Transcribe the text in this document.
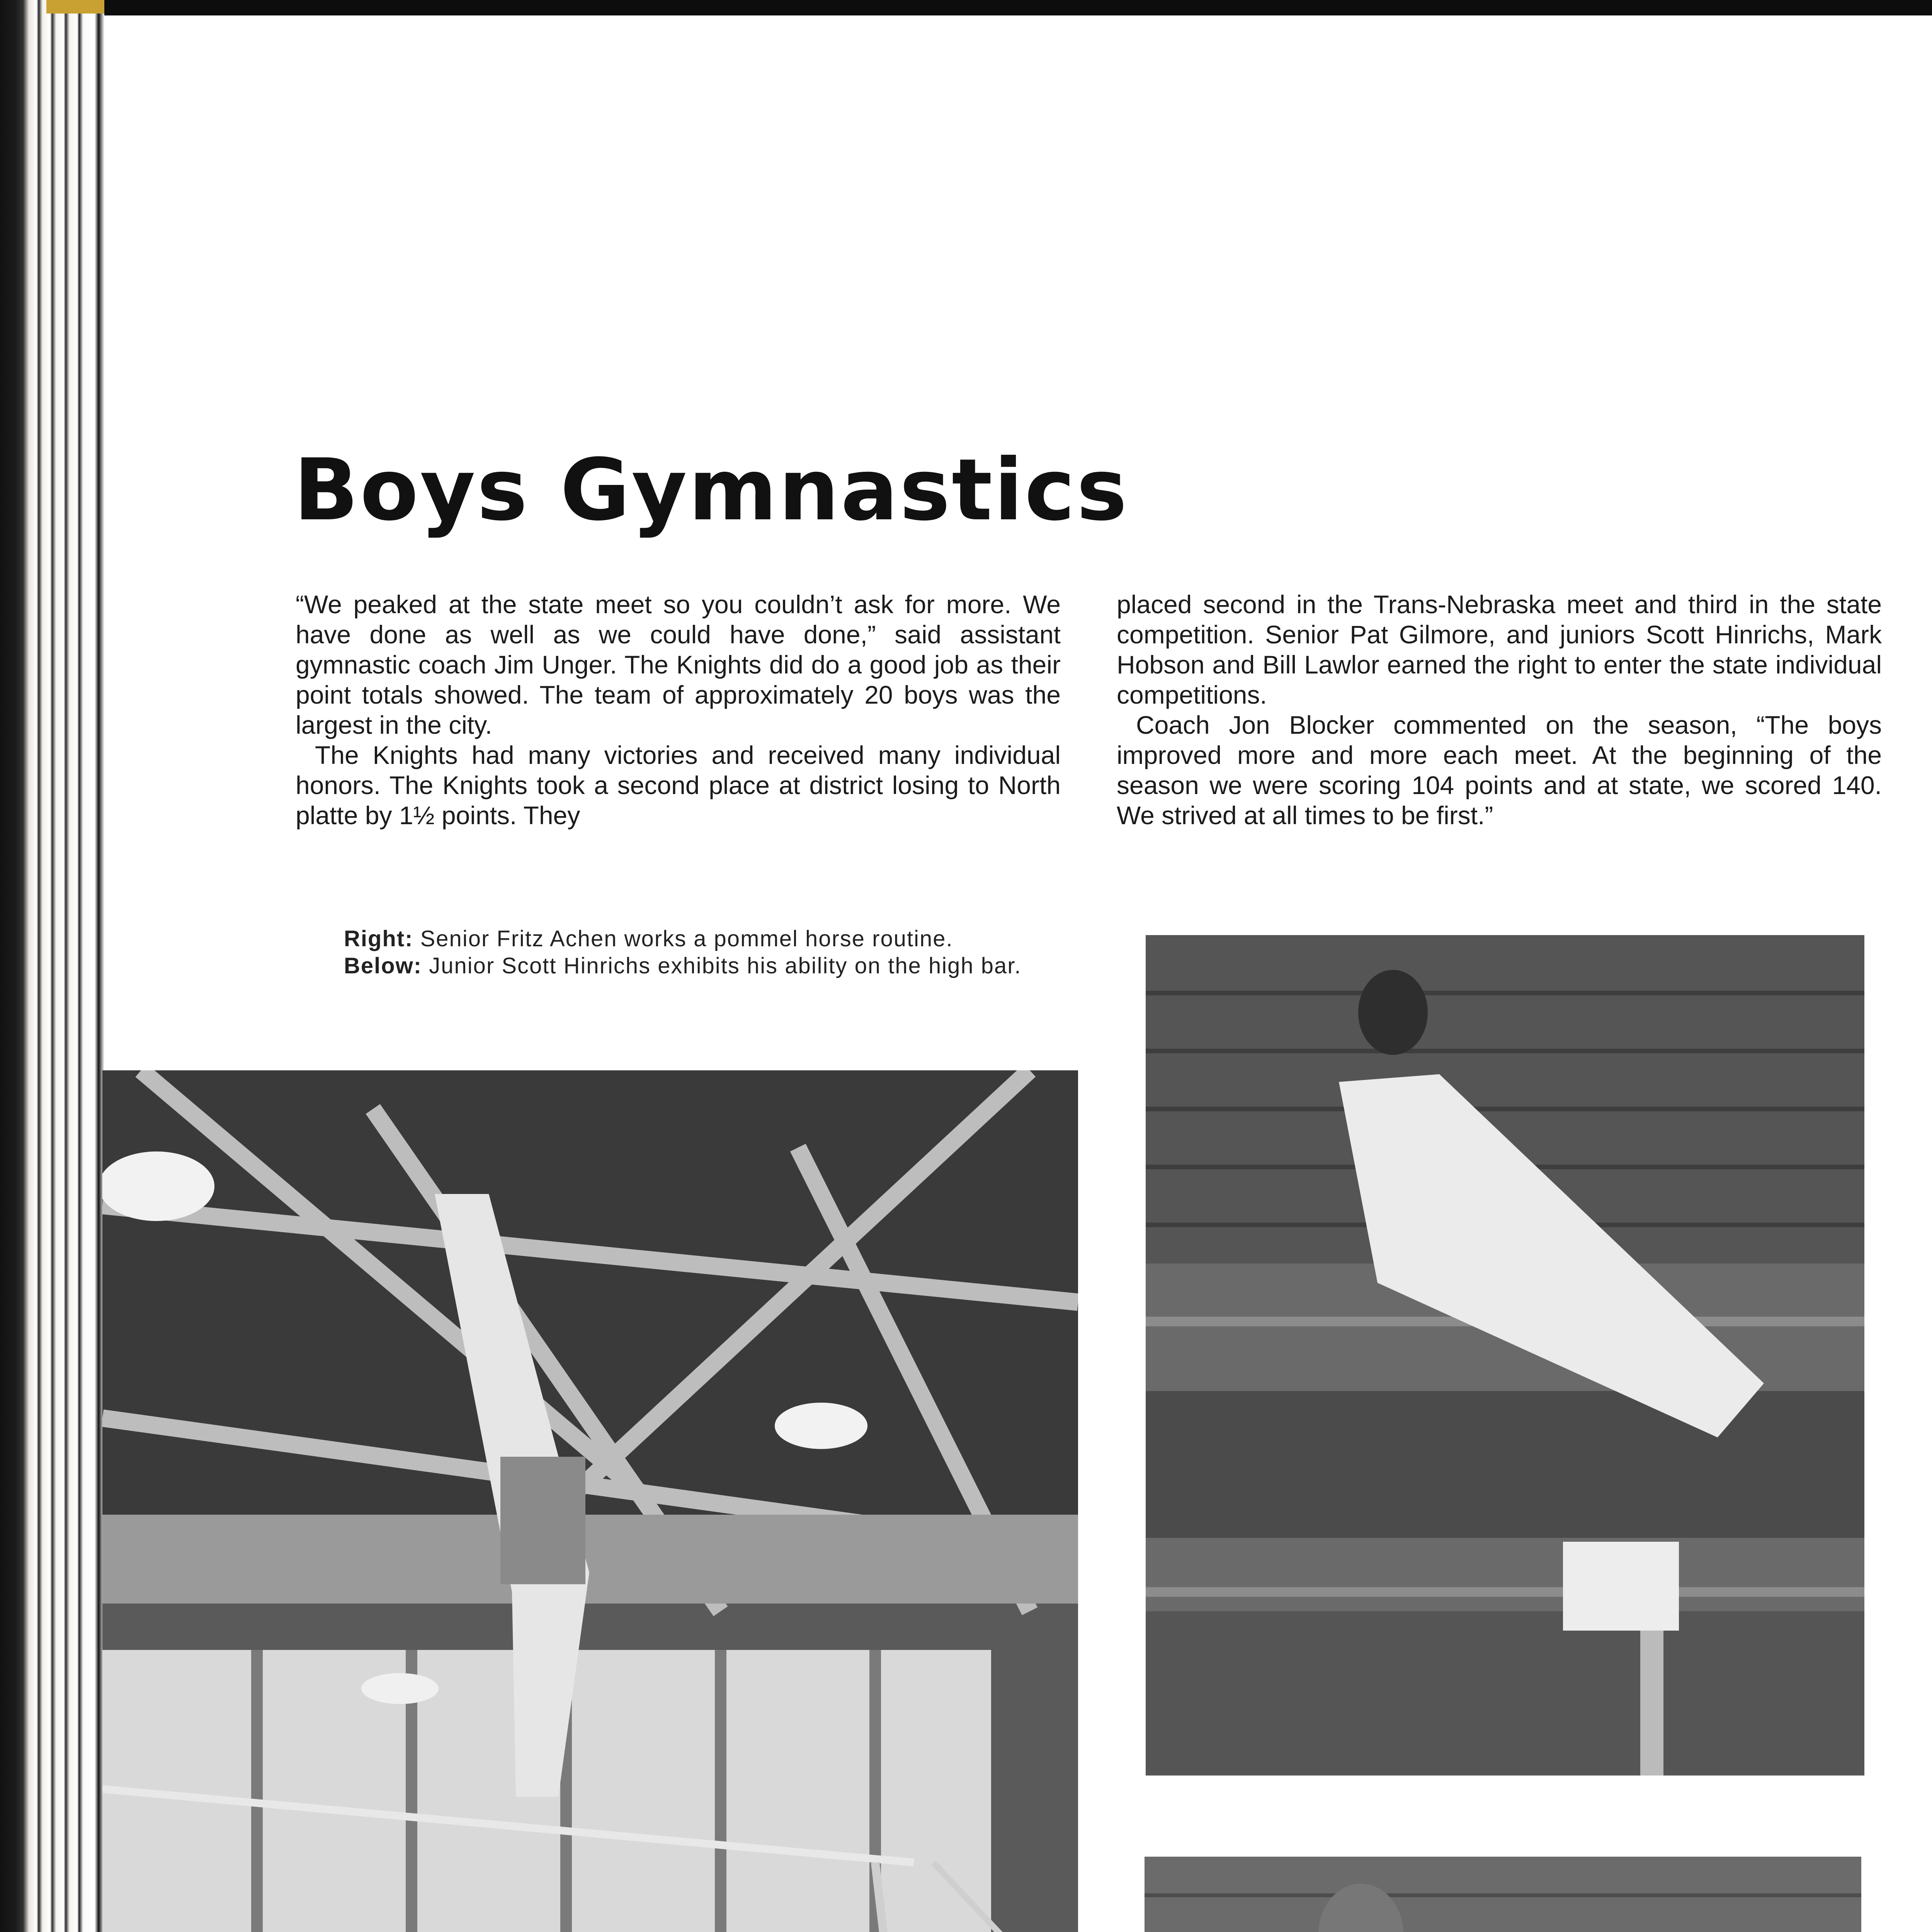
Boys Gymnastics

“We peaked at the state meet so you couldn’t ask for more. We have done as well as we could have done,” said assistant gymnastic coach Jim Unger. The Knights did do a good job as their point totals showed. The team of approximately 20 boys was the largest in the city.

The Knights had many victories and received many individual honors. The Knights took a second place at district losing to North platte by 1½ points. They

placed second in the Trans-Nebraska meet and third in the state competition. Senior Pat Gilmore, and juniors Scott Hinrichs, Mark Hobson and Bill Lawlor earned the right to enter the state individual competitions.

Coach Jon Blocker commented on the season, “The boys improved more and more each meet. At the beginning of the season we were scoring 104 points and at state, we scored 140. We strived at all times to be first.”

Right: Senior Fritz Achen works a pommel horse routine.
Below: Junior Scott Hinrichs exhibits his ability on the high bar.
